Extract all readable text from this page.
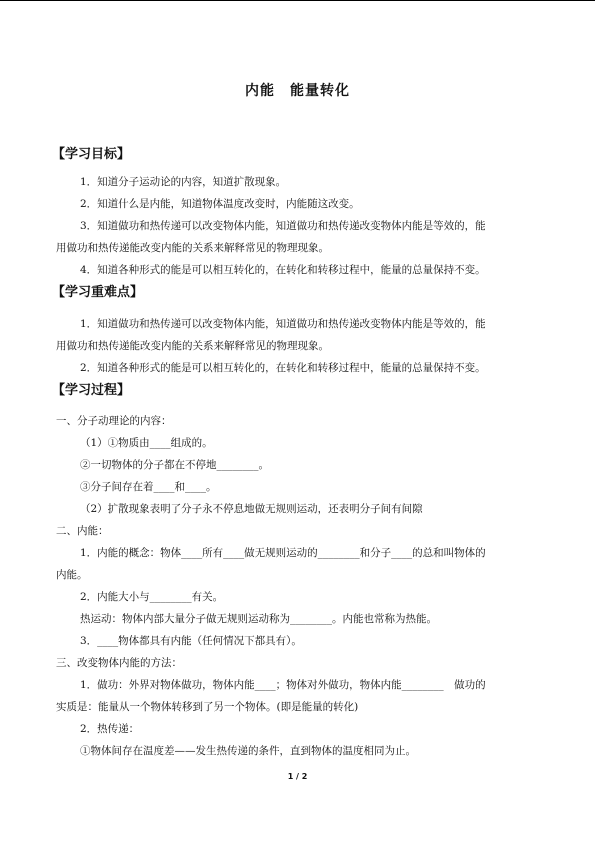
内能　能量转化
【学习目标】
1．知道分子运动论的内容，知道扩散现象。
2．知道什么是内能，知道物体温度改变时，内能随这改变。
3．知道做功和热传递可以改变物体内能，知道做功和热传递改变物体内能是等效的，能
用做功和热传递能改变内能的关系来解释常见的物理现象。
4．知道各种形式的能是可以相互转化的，在转化和转移过程中，能量的总量保持不变。
【学习重难点】
1．知道做功和热传递可以改变物体内能，知道做功和热传递改变物体内能是等效的，能
用做功和热传递能改变内能的关系来解释常见的物理现象。
2．知道各种形式的能是可以相互转化的，在转化和转移过程中，能量的总量保持不变。
【学习过程】
一、分子动理论的内容：
（1）①物质由____组成的。
②一切物体的分子都在不停地________。
③分子间存在着____和____。
（2）扩散现象表明了分子永不停息地做无规则运动，还表明分子间有间隙
二、内能：
1．内能的概念：物体____所有____做无规则运动的________和分子____的总和叫物体的
内能。
2．内能大小与________有关。
热运动：物体内部大量分子做无规则运动称为________。内能也常称为热能。
3．____物体都具有内能（任何情况下都具有）。
三、改变物体内能的方法：
1．做功：外界对物体做功，物体内能____；物体对外做功，物体内能________　做功的
实质是：能量从一个物体转移到了另一个物体。(即是能量的转化)
2．热传递：
①物体间存在温度差——发生热传递的条件，直到物体的温度相同为止。
1 / 2
